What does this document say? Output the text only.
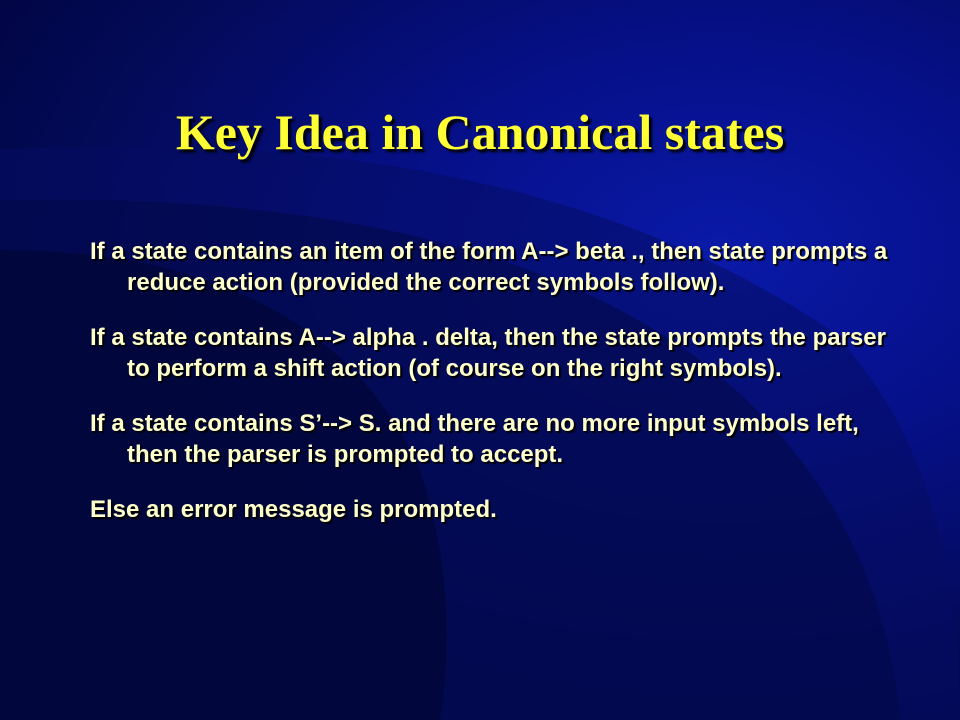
Key Idea in Canonical states

If a state contains an item of the form A--> beta ., then state prompts a reduce action (provided the correct symbols follow).

If a state contains A--> alpha . delta, then the state prompts the parser to perform a shift action (of course on the right symbols).

If a state contains S’--> S. and there are no more input symbols left, then the parser is prompted to accept.

Else an error message is prompted.
